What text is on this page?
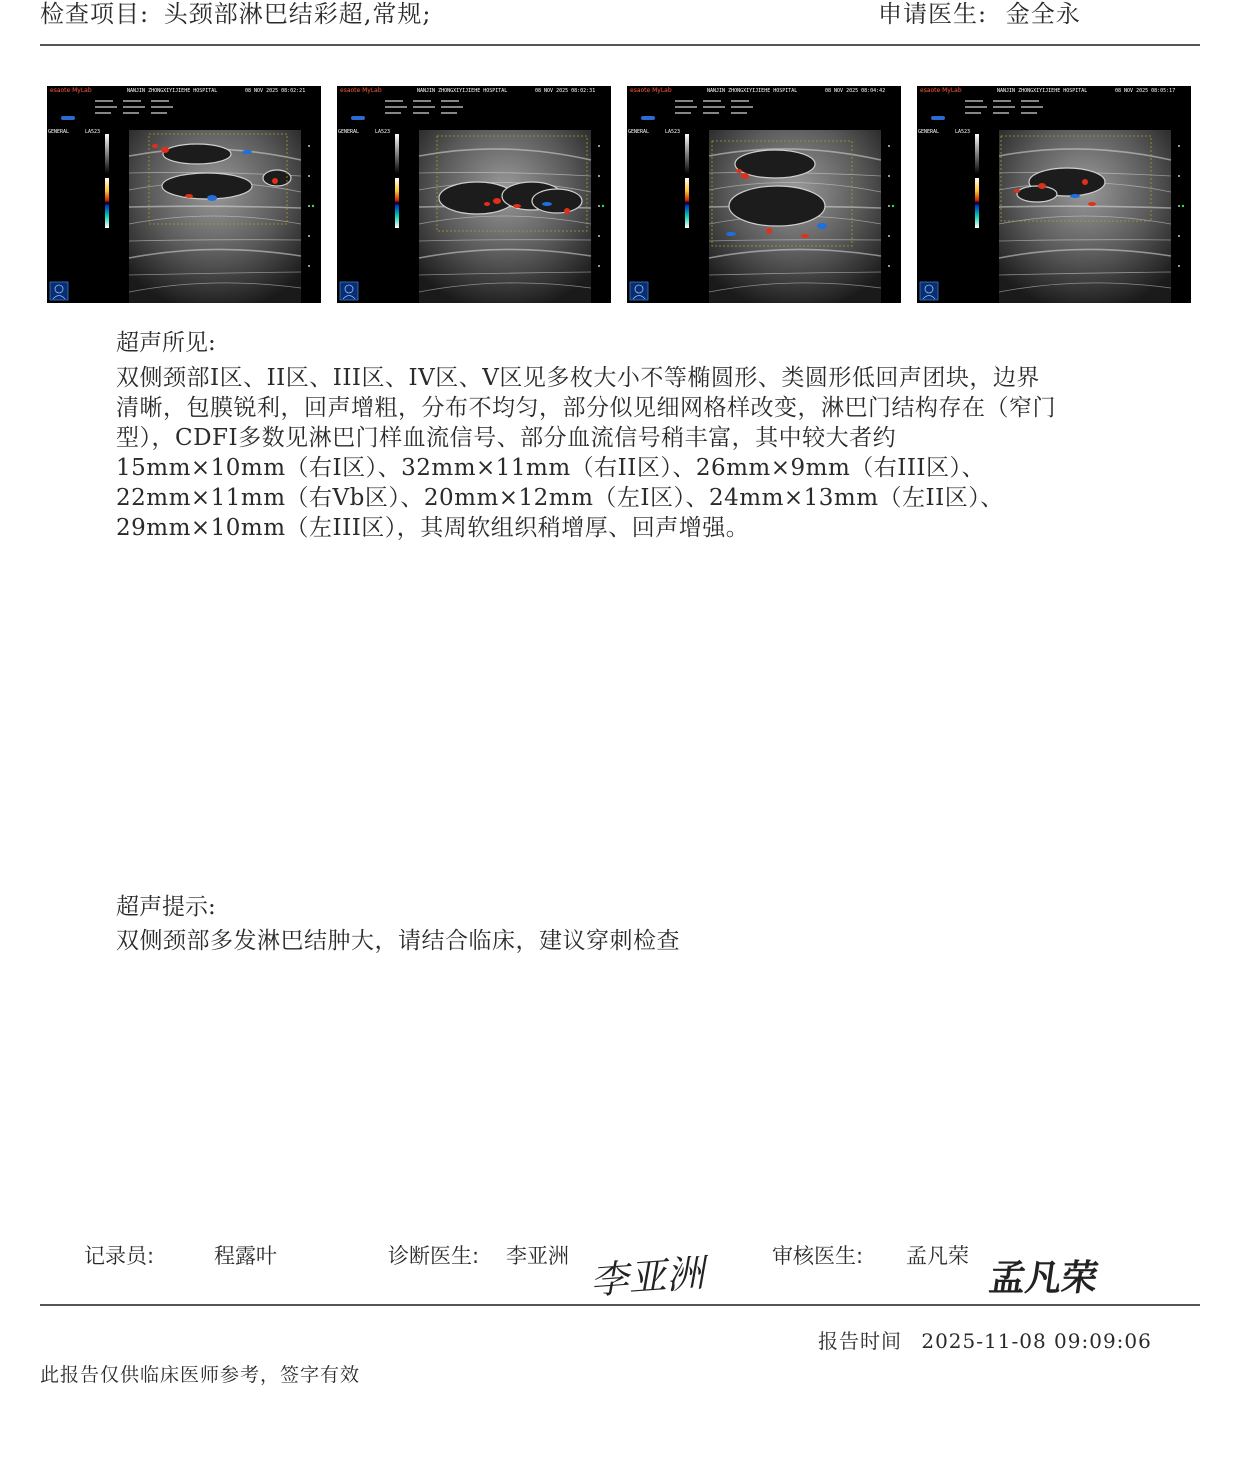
检查项目: 头颈部淋巴结彩超,常规;	申请医生: 金全永
esaote MyLab	NANJIN ZHONGXIYIJIEHE HOSPITAL	08 NOV 2025 08:02:21
LA523
GENERAL
esaote MyLab	NANJIN ZHONGXIYIJIEHE HOSPITAL	08 NOV 2025 08:02:31
LA523
GENERAL
esaote MyLab	NANJIN ZHONGXIYIJIEHE HOSPITAL	08 NOV 2025 08:04:42
LA523
GENERAL
esaote MyLab	NANJIN ZHONGXIYIJIEHE HOSPITAL	08 NOV 2025 08:05:17
LA523
GENERAL
超声所见:
双侧颈部I区、II区、III区、IV区、V区见多枚大小不等椭圆形、类圆形低回声团块，边界
清晰，包膜锐利，回声增粗，分布不均匀，部分似见细网格样改变，淋巴门结构存在（窄门
型），CDFI多数见淋巴门样血流信号、部分血流信号稍丰富，其中较大者约
15mm×10mm（右I区）、32mm×11mm（右II区）、26mm×9mm（右III区）、
22mm×11mm（右Vb区）、20mm×12mm（左I区）、24mm×13mm（左II区）、
29mm×10mm（左III区），其周软组织稍增厚、回声增强。
超声提示:
双侧颈部多发淋巴结肿大，请结合临床，建议穿刺检查
记录员:	程露叶	诊断医生: 李亚洲 李亚洲	审核医生: 孟凡荣
孟凡荣
报告时间 2025-11-08 09:09:06
此报告仅供临床医师参考，签字有效
